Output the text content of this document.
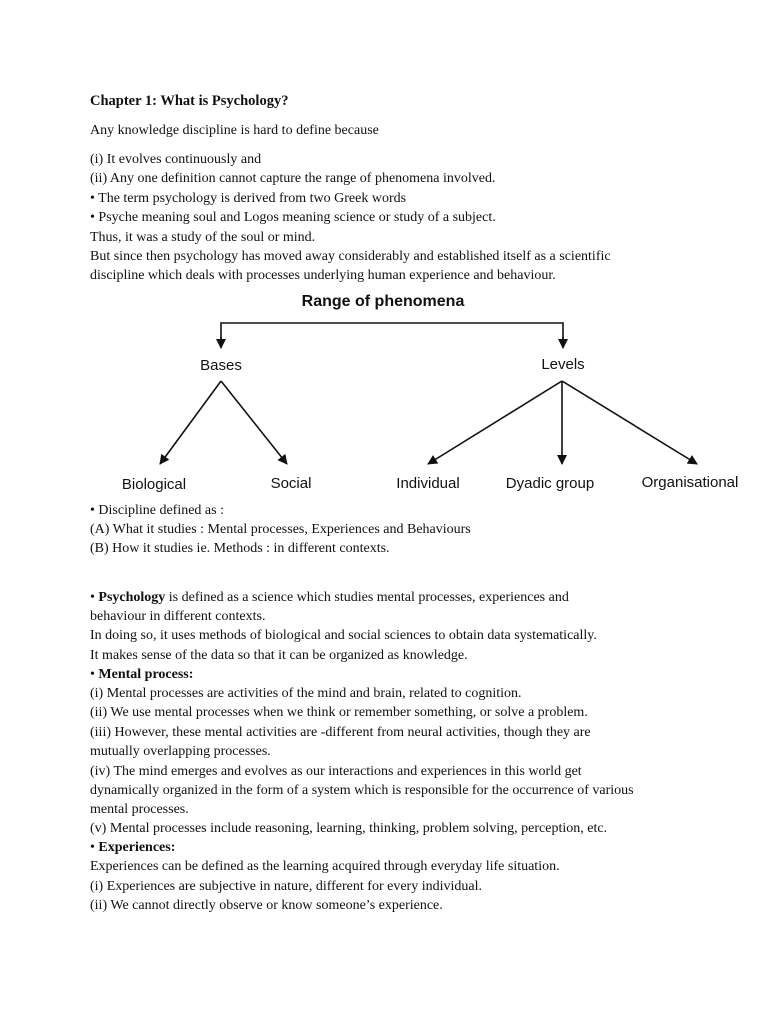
Chapter 1: What is Psychology?
Any knowledge discipline is hard to define because
(i) It evolves continuously and
(ii) Any one definition cannot capture the range of phenomena involved.
• The term psychology is derived from two Greek words
• Psyche meaning soul and Logos meaning science or study of a subject.
Thus, it was a study of the soul or mind.
But since then psychology has moved away considerably and established itself as a scientific
discipline which deals with processes underlying human experience and behaviour.
Range of phenomena
Bases	Levels
Biological	Social	Individual	Dyadic group	Organisational
• Discipline defined as :
(A) What it studies : Mental processes, Experiences and Behaviours
(B) How it studies ie. Methods : in different contexts.
• Psychology is defined as a science which studies mental processes, experiences and
behaviour in different contexts.
In doing so, it uses methods of biological and social sciences to obtain data systematically.
It makes sense of the data so that it can be organized as knowledge.
• Mental process:
(i) Mental processes are activities of the mind and brain, related to cognition.
(ii) We use mental processes when we think or remember something, or solve a problem.
(iii) However, these mental activities are -different from neural activities, though they are
mutually overlapping processes.
(iv) The mind emerges and evolves as our interactions and experiences in this world get
dynamically organized in the form of a system which is responsible for the occurrence of various
mental processes.
(v) Mental processes include reasoning, learning, thinking, problem solving, perception, etc.
• Experiences:
Experiences can be defined as the learning acquired through everyday life situation.
(i) Experiences are subjective in nature, different for every individual.
(ii) We cannot directly observe or know someone’s experience.
